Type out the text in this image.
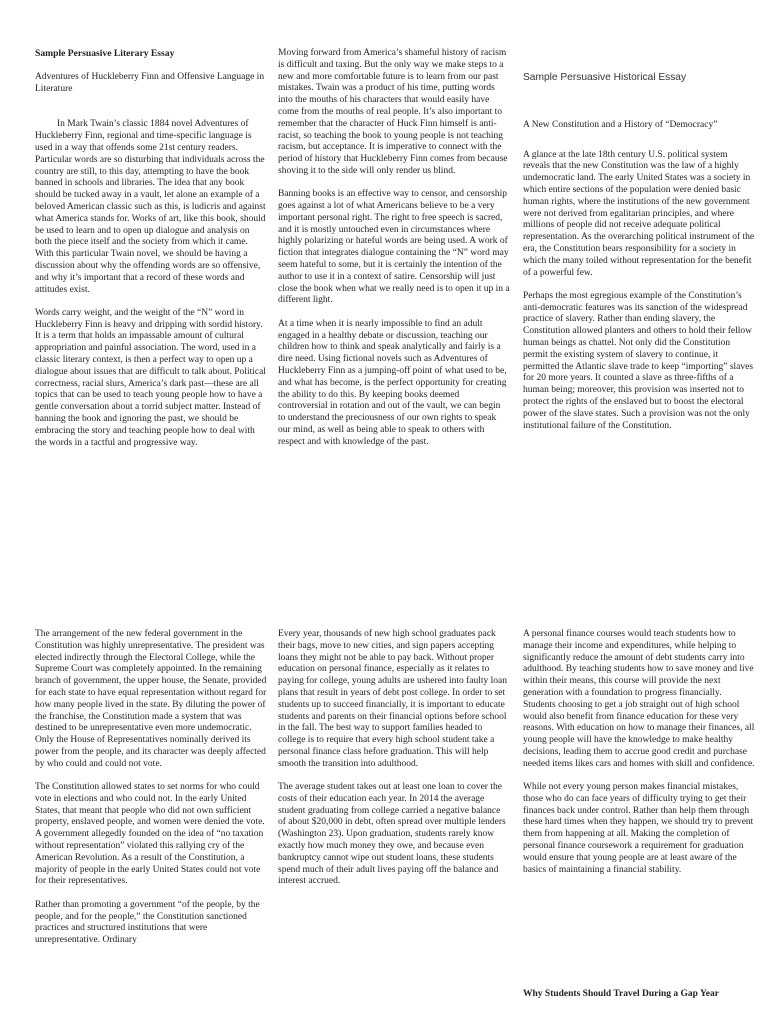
Sample Persuasive Literary Essay

Adventures of Huckleberry Finn and Offensive Language in Literature

In Mark Twain’s classic 1884 novel Adventures of Huckleberry Finn, regional and time-specific language is used in a way that offends some 21st century readers. Particular words are so disturbing that individuals across the country are still, to this day, attempting to have the book banned in schools and libraries. The idea that any book should be tucked away in a vault, let alone an example of a beloved American classic such as this, is ludicris and against what America stands for. Works of art, like this book, should be used to learn and to open up dialogue and analysis on both the piece itself and the society from which it came. With this particular Twain novel, we should be having a discussion about why the offending words are so offensive, and why it’s important that a record of these words and attitudes exist.

Words carry weight, and the weight of the “N” word in Huckleberry Finn is heavy and dripping with sordid history. It is a term that holds an impassable amount of cultural appropriation and painful association. The word, used in a classic literary context, is then a perfect way to open up a dialogue about issues that are difficult to talk about. Political correctness, racial slurs, America’s dark past—these are all topics that can be used to teach young people how to have a gentle conversation about a torrid subject matter. Instead of banning the book and ignoring the past, we should be embracing the story and teaching people how to deal with the words in a tactful and progressive way.

Moving forward from America’s shameful history of racism is difficult and taxing. But the only way we make steps to a new and more comfortable future is to learn from our past mistakes. Twain was a product of his time, putting words into the mouths of his characters that would easily have come from the mouths of real people. It’s also important to remember that the character of Huck Finn himself is anti-racist, so teaching the book to young people is not teaching racism, but acceptance. It is imperative to connect with the period of history that Huckleberry Finn comes from because shoving it to the side will only render us blind.

Banning books is an effective way to censor, and censorship goes against a lot of what Americans believe to be a very important personal right. The right to free speech is sacred, and it is mostly untouched even in circumstances where highly polarizing or hateful words are being used. A work of fiction that integrates dialogue containing the “N” word may seem hateful to some, but it is certainly the intention of the author to use it in a context of satire. Censorship will just close the book when what we really need is to open it up in a different light.

At a time when it is nearly impossible to find an adult engaged in a healthy debate or discussion, teaching our children how to think and speak analytically and fairly is a dire need. Using fictional novels such as Adventures of Huckleberry Finn as a jumping-off point of what used to be, and what has become, is the perfect opportunity for creating the ability to do this. By keeping books deemed controversial in rotation and out of the vault, we can begin to understand the preciousness of our own rights to speak our mind, as well as being able to speak to others with respect and with knowledge of the past.

Sample Persuasive Historical Essay

A New Constitution and a History of “Democracy”

A glance at the late 18th century U.S. political system reveals that the new Constitution was the law of a highly undemocratic land. The early United States was a society in which entire sections of the population were denied basic human rights, where the institutions of the new government were not derived from egalitarian principles, and where millions of people did not receive adequate political representation. As the overarching political instrument of the era, the Constitution bears responsibility for a society in which the many toiled without representation for the benefit of a powerful few.

Perhaps the most egregious example of the Constitution’s anti-democratic features was its sanction of the widespread practice of slavery. Rather than ending slavery, the Constitution allowed planters and others to hold their fellow human beings as chattel. Not only did the Constitution permit the existing system of slavery to continue, it permitted the Atlantic slave trade to keep “importing” slaves for 20 more years. It counted a slave as three-fifths of a human being; moreover, this provision was inserted not to protect the rights of the enslaved but to boost the electoral power of the slave states. Such a provision was not the only institutional failure of the Constitution.

The arrangement of the new federal government in the Constitution was highly unrepresentative. The president was elected indirectly through the Electoral College, while the Supreme Court was completely appointed. In the remaining branch of government, the upper house, the Senate, provided for each state to have equal representation without regard for how many people lived in the state. By diluting the power of the franchise, the Constitution made a system that was destined to be unrepresentative even more undemocratic. Only the House of Representatives nominally derived its power from the people, and its character was deeply affected by who could and could not vote.

The Constitution allowed states to set norms for who could vote in elections and who could not. In the early United States, that meant that people who did not own sufficient property, enslaved people, and women were denied the vote. A government allegedly founded on the idea of “no taxation without representation” violated this rallying cry of the American Revolution. As a result of the Constitution, a majority of people in the early United States could not vote for their representatives.

Rather than promoting a government “of the people, by the people, and for the people,” the Constitution sanctioned practices and structured institutions that were unrepresentative. Ordinary

Every year, thousands of new high school graduates pack their bags, move to new cities, and sign papers accepting loans they might not be able to pay back. Without proper education on personal finance, especially as it relates to paying for college, young adults are ushered into faulty loan plans that result in years of debt post college. In order to set students up to succeed financially, it is important to educate students and parents on their financial options before school in the fall. The best way to support families headed to college is to require that every high school student take a personal finance class before graduation. This will help smooth the transition into adulthood.

The average student takes out at least one loan to cover the costs of their education each year. In 2014 the average student graduating from college carried a negative balance of about $20,000 in debt, often spread over multiple lenders (Washington 23). Upon graduation, students rarely know exactly how much money they owe, and because even bankruptcy cannot wipe out student loans, these students spend much of their adult lives paying off the balance and interest accrued.

A personal finance courses would teach students how to manage their income and expenditures, while helping to significantly reduce the amount of debt students carry into adulthood. By teaching students how to save money and live within their means, this course will provide the next generation with a foundation to progress financially. Students choosing to get a job straight out of high school would also benefit from finance education for these very reasons. With education on how to manage their finances, all young people will have the knowledge to make healthy decisions, leading them to accrue good credit and purchase needed items likes cars and homes with skill and confidence.

While not every young person makes financial mistakes, those who do can face years of difficulty trying to get their finances back under control. Rather than help them through these hard times when they happen, we should try to prevent them from happening at all. Making the completion of personal finance coursework a requirement for graduation would ensure that young people are at least aware of the basics of maintaining a financial stability.

Why Students Should Travel During a Gap Year
